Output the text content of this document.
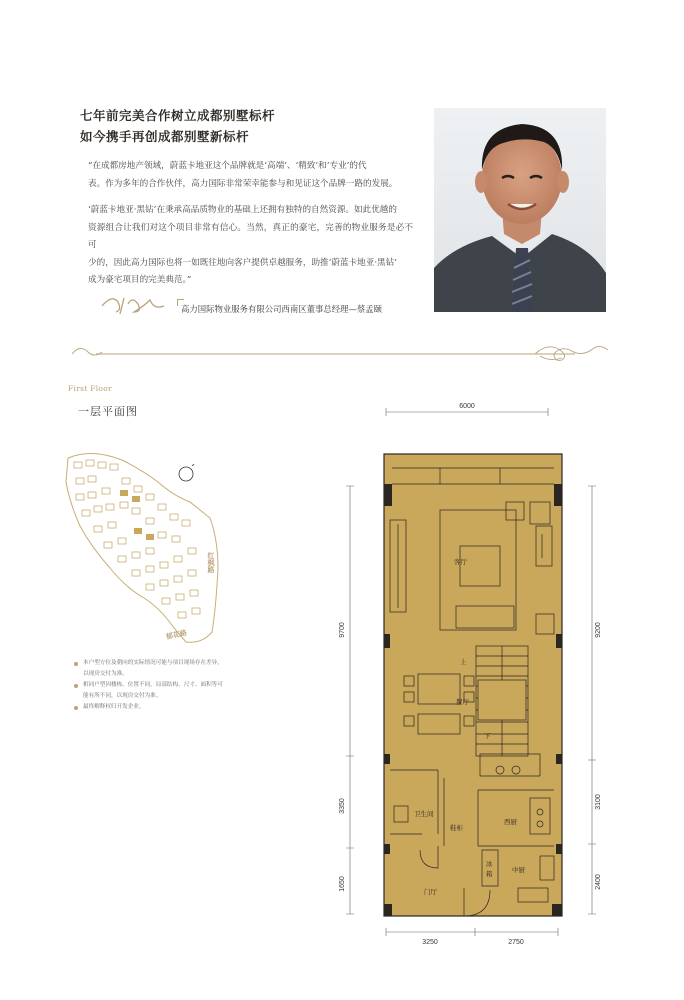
七年前完美合作树立成都别墅标杆
如今携手再创成都别墅新标杆
“在成都房地产领域，蔚蓝卡地亚这个品牌就是‘高端’、‘精致’和‘专业’的代
表。作为多年的合作伙伴，高力国际非常荣幸能参与和见证这个品牌一路的发展。
‘蔚蓝卡地亚·黑钻’在秉承高品质物业的基础上还拥有独特的自然资源。如此优越的
资源组合让我们对这个项目非常有信心。当然，真正的豪宅，完善的物业服务是必不可
少的，因此高力国际也将一如既往地向客户提供卓越服务，助推‘蔚蓝卡地亚·黑钻’
成为豪宅项目的完美典范。”
高力国际物业服务有限公司西南区董事总经理—蔡孟颐
First Floor
一层平面图
红枫路
郁花路
本户型方位及朝向的实际情况可能与项目现场存在差异，以现房交付为准。
相同户型因楼栋、位置不同，局部结构、尺寸、面积等可能有所不同，以现房交付为准。
最终解释权归开发企业。
6000
9700
3350
1650
9200
3100
2400
3250	2750
客厅
上
餐厅
下
卫生间
鞋柜
西厨
冰
箱
中厨
门厅
